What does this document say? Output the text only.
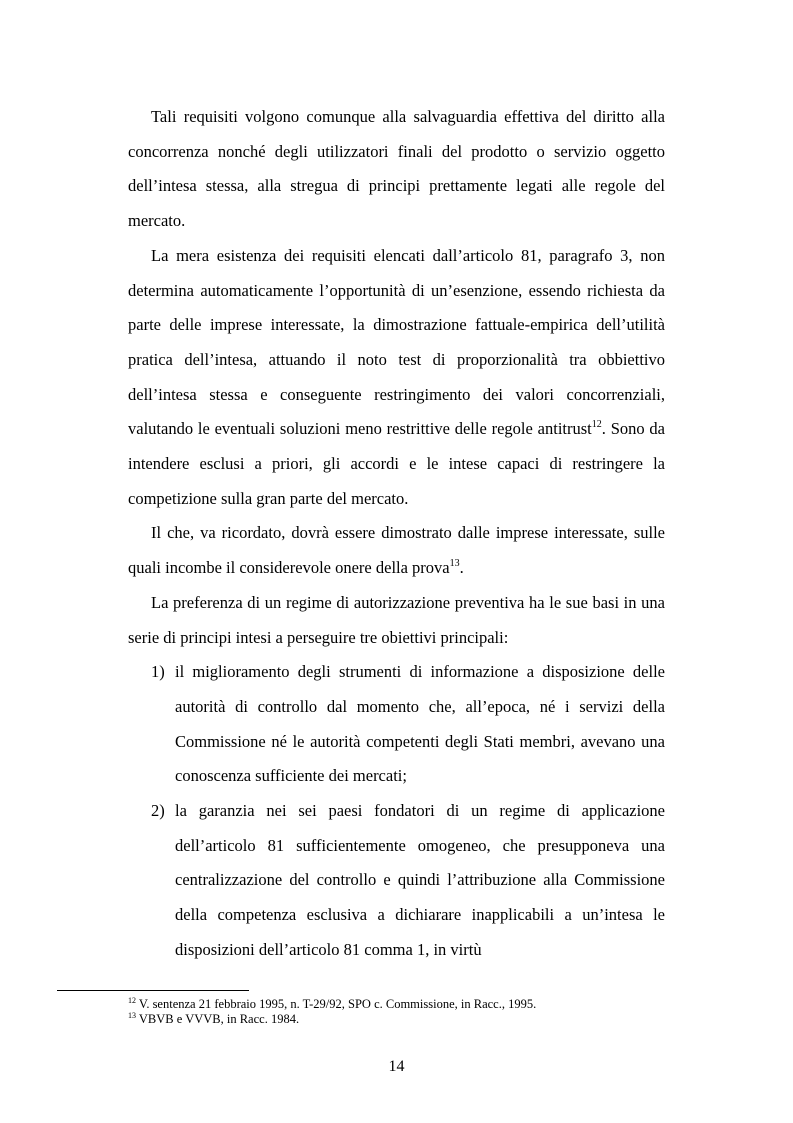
Tali requisiti volgono comunque alla salvaguardia effettiva del diritto alla concorrenza nonché degli utilizzatori finali del prodotto o servizio oggetto dell’intesa stessa, alla stregua di principi prettamente legati alle regole del mercato.

La mera esistenza dei requisiti elencati dall’articolo 81, paragrafo 3, non determina automaticamente l’opportunità di un’esenzione, essendo richiesta da parte delle imprese interessate, la dimostrazione fattuale-empirica dell’utilità pratica dell’intesa, attuando il noto test di proporzionalità tra obbiettivo dell’intesa stessa e conseguente restringimento dei valori concorrenziali, valutando le eventuali soluzioni meno restrittive delle regole antitrust$^{12}$. Sono da intendere esclusi a priori, gli accordi e le intese capaci di restringere la competizione sulla gran parte del mercato.

Il che, va ricordato, dovrà essere dimostrato dalle imprese interessate, sulle quali incombe il considerevole onere della prova$^{13}$.

La preferenza di un regime di autorizzazione preventiva ha le sue basi in una serie di principi intesi a perseguire tre obiettivi principali:

1) il miglioramento degli strumenti di informazione a disposizione delle autorità di controllo dal momento che, all’epoca, né i servizi della Commissione né le autorità competenti degli Stati membri, avevano una conoscenza sufficiente dei mercati;
2) la garanzia nei sei paesi fondatori di un regime di applicazione dell’articolo 81 sufficientemente omogeneo, che presupponeva una centralizzazione del controllo e quindi l’attribuzione alla Commissione della competenza esclusiva a dichiarare inapplicabili a un’intesa le disposizioni dell’articolo 81 comma 1, in virtù
$^{12}$ V. sentenza 21 febbraio 1995, n. T-29/92, SPO c. Commissione, in Racc., 1995.
$^{13}$ VBVB e VVVB, in Racc. 1984.
14
